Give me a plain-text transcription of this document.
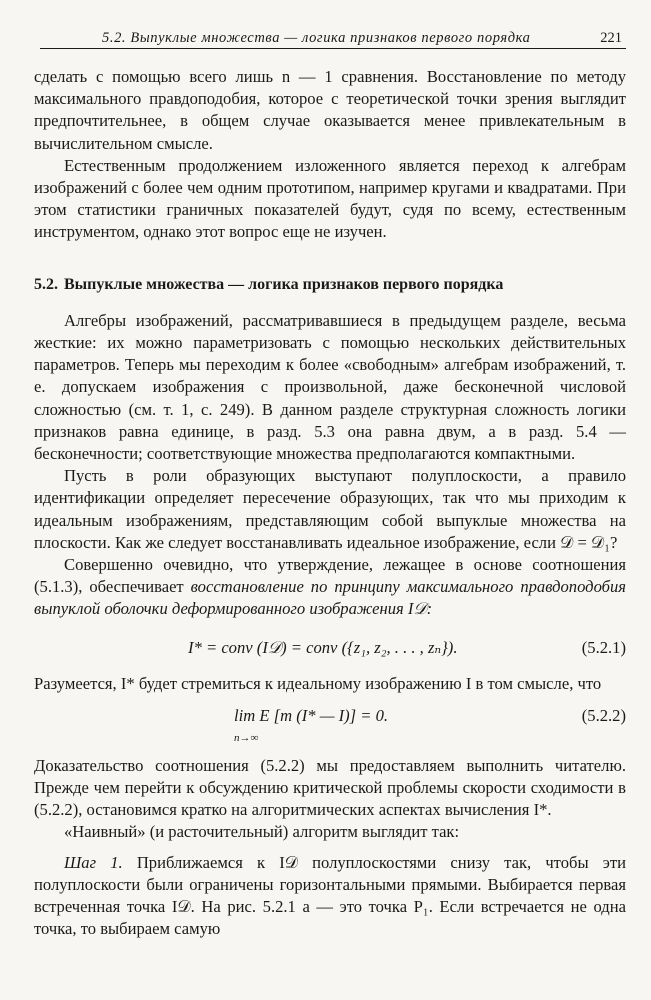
5.2. Выпуклые множества — логика признаков первого порядка	221

сделать с помощью всего лишь n — 1 сравнения. Восстановление по методу максимального правдоподобия, которое с теоретической точки зрения выглядит предпочтительнее, в общем случае оказывается менее привлекательным в вычислительном смысле.

Естественным продолжением изложенного является переход к алгебрам изображений с более чем одним прототипом, например кругами и квадратами. При этом статистики граничных показателей будут, судя по всему, естественным инструментом, однако этот вопрос еще не изучен.

5.2. Выпуклые множества — логика признаков первого порядка

Алгебры изображений, рассматривавшиеся в предыдущем разделе, весьма жесткие: их можно параметризовать с помощью нескольких действительных параметров. Теперь мы переходим к более «свободным» алгебрам изображений, т. е. допускаем изображения с произвольной, даже бесконечной числовой сложностью (см. т. 1, с. 249). В данном разделе структурная сложность логики признаков равна единице, в разд. 5.3 она равна двум, а в разд. 5.4 — бесконечности; соответствующие множества предполагаются компактными.

Пусть в роли образующих выступают полуплоскости, а правило идентификации определяет пересечение образующих, так что мы приходим к идеальным изображениям, представляющим собой выпуклые множества на плоскости. Как же следует восстанавливать идеальное изображение, если 𝒟 = 𝒟₁?

Совершенно очевидно, что утверждение, лежащее в основе соотношения (5.1.3), обеспечивает восстановление по принципу максимального правдоподобия выпуклой оболочки деформированного изображения I𝒟:

I* = conv (I𝒟) = conv ({z₁, z₂, . . . , zₙ}).	(5.2.1)

Разумеется, I* будет стремиться к идеальному изображению I в том смысле, что

lim E [m (I* — I)] = 0.
n→∞
(5.2.2)

Доказательство соотношения (5.2.2) мы предоставляем выполнить читателю. Прежде чем перейти к обсуждению критической проблемы скорости сходимости в (5.2.2), остановимся кратко на алгоритмических аспектах вычисления I*.

«Наивный» (и расточительный) алгоритм выглядит так:

Шаг 1. Приближаемся к I𝒟 полуплоскостями снизу так, чтобы эти полуплоскости были ограничены горизонтальными прямыми. Выбирается первая встреченная точка I𝒟. На рис. 5.2.1 a — это точка P₁. Если встречается не одна точка, то выбираем самую
